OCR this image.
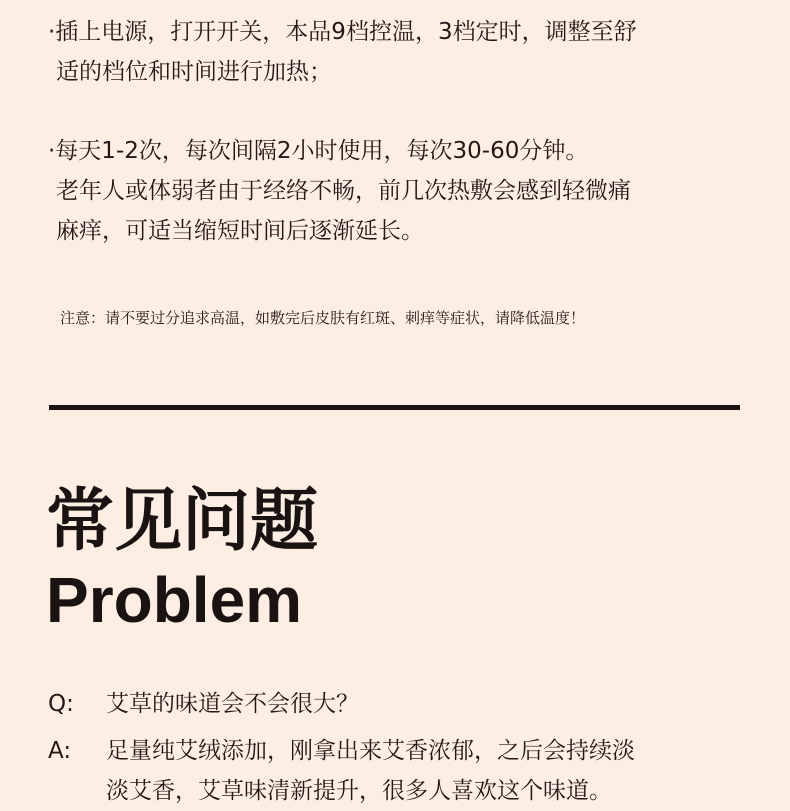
·插上电源，打开开关，本品9档控温，3档定时，调整至舒
适的档位和时间进行加热；
·每天1-2次，每次间隔2小时使用，每次30-60分钟。
老年人或体弱者由于经络不畅，前几次热敷会感到轻微痛
麻痒，可适当缩短时间后逐渐延长。

注意：请不要过分追求高温，如敷完后皮肤有红斑、刺痒等症状，请降低温度！

常见问题
Problem
Q:	艾草的味道会不会很大？
A:	足量纯艾绒添加，刚拿出来艾香浓郁，之后会持续淡
淡艾香，艾草味清新提升，很多人喜欢这个味道。
